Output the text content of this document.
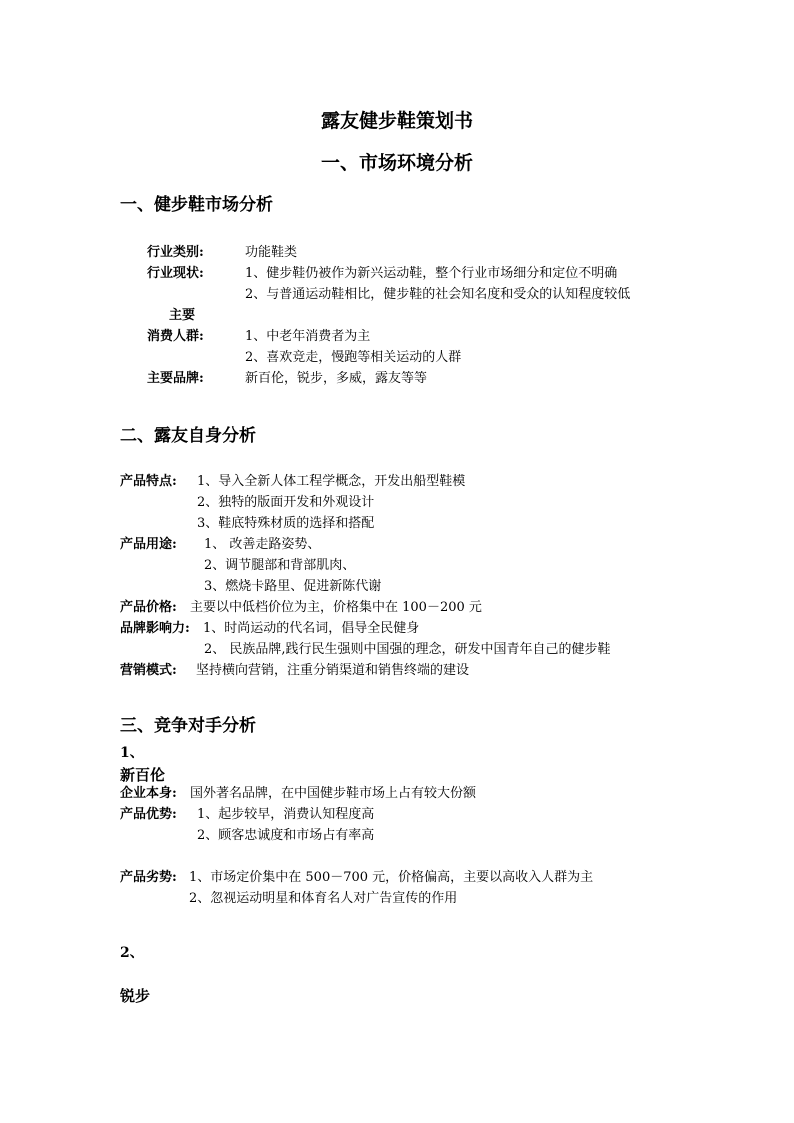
露友健步鞋策划书
一、市场环境分析
一、健步鞋市场分析
行业类别:	功能鞋类
行业现状:	1、健步鞋仍被作为新兴运动鞋，整个行业市场细分和定位不明确
2、与普通运动鞋相比，健步鞋的社会知名度和受众的认知程度较低
主要
消费人群:	1、中老年消费者为主
2、喜欢竞走，慢跑等相关运动的人群
主要品牌:	新百伦，锐步，多威，露友等等
二、露友自身分析
产品特点: 1、导入全新人体工程学概念，开发出船型鞋模
2、独特的版面开发和外观设计
3、鞋底特殊材质的选择和搭配
产品用途: 1、 改善走路姿势、
2、调节腿部和背部肌肉、
3、燃烧卡路里、促进新陈代谢
产品价格: 主要以中低档价位为主，价格集中在 100－200 元
品牌影响力: 1、时尚运动的代名词，倡导全民健身
2、 民族品牌,践行民生强则中国强的理念，研发中国青年自己的健步鞋
营销模式: 坚持横向营销，注重分销渠道和销售终端的建设
三、竞争对手分析
1、
新百伦
企业本身: 国外著名品牌，在中国健步鞋市场上占有较大份额
产品优势: 1、起步较早，消费认知程度高
2、顾客忠诚度和市场占有率高
产品劣势: 1、市场定价集中在 500－700 元，价格偏高，主要以高收入人群为主
2、忽视运动明星和体育名人对广告宣传的作用
2、
锐步
